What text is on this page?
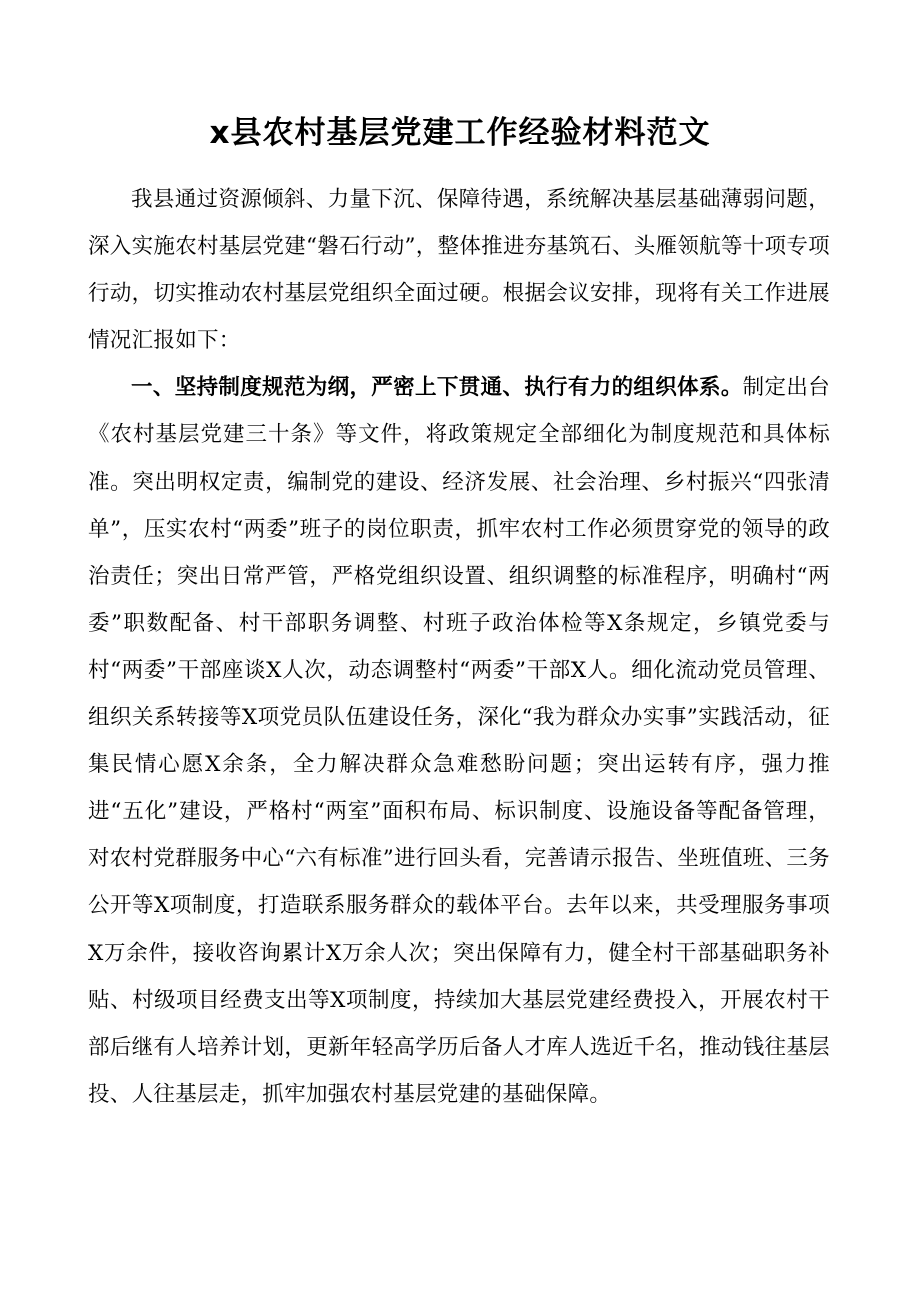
x县农村基层党建工作经验材料范文

我县通过资源倾斜、力量下沉、保障待遇，系统解决基层基础薄弱问题，深入实施农村基层党建“磐石行动”，整体推进夯基筑石、头雁领航等十项专项行动，切实推动农村基层党组织全面过硬。根据会议安排，现将有关工作进展情况汇报如下：

一、坚持制度规范为纲，严密上下贯通、执行有力的组织体系。制定出台《农村基层党建三十条》等文件，将政策规定全部细化为制度规范和具体标准。突出明权定责，编制党的建设、经济发展、社会治理、乡村振兴“四张清单”，压实农村“两委”班子的岗位职责，抓牢农村工作必须贯穿党的领导的政治责任；突出日常严管，严格党组织设置、组织调整的标准程序，明确村“两委”职数配备、村干部职务调整、村班子政治体检等X条规定，乡镇党委与村“两委”干部座谈X人次，动态调整村“两委”干部X人。细化流动党员管理、组织关系转接等X项党员队伍建设任务，深化“我为群众办实事”实践活动，征集民情心愿X余条，全力解决群众急难愁盼问题；突出运转有序，强力推进“五化”建设，严格村“两室”面积布局、标识制度、设施设备等配备管理，对农村党群服务中心“六有标准”进行回头看，完善请示报告、坐班值班、三务公开等X项制度，打造联系服务群众的载体平台。去年以来，共受理服务事项X万余件，接收咨询累计X万余人次；突出保障有力，健全村干部基础职务补贴、村级项目经费支出等X项制度，持续加大基层党建经费投入，开展农村干部后继有人培养计划，更新年轻高学历后备人才库人选近千名，推动钱往基层投、人往基层走，抓牢加强农村基层党建的基础保障。
